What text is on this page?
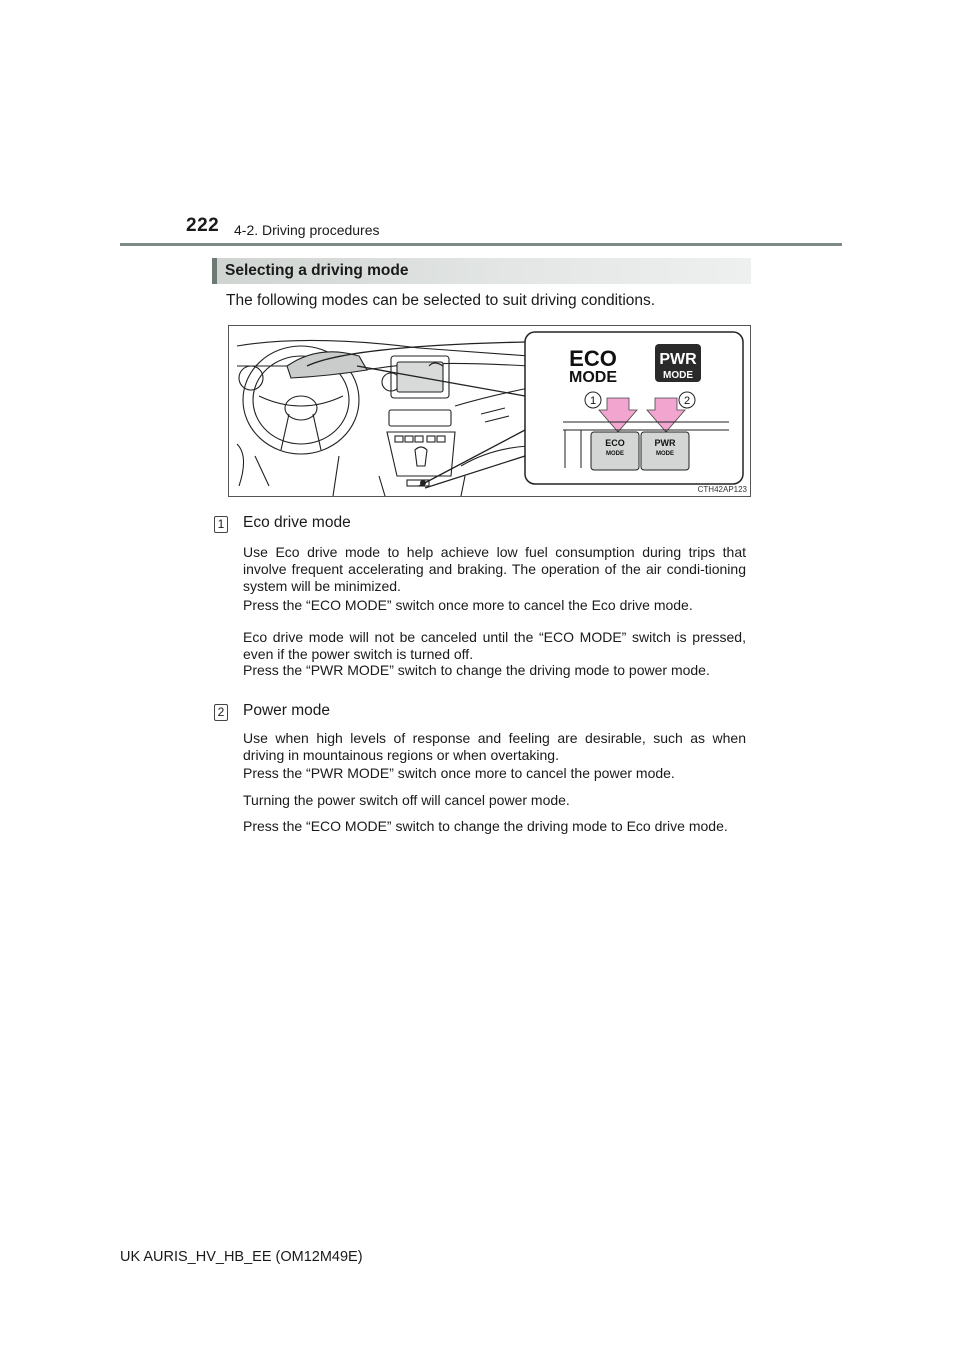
222 4-2. Driving procedures
Selecting a driving mode
The following modes can be selected to suit driving conditions.
ECO
MODE
PWR
MODE
1	2
ECO
MODE
PWR
MODE
CTH42AP123
1 Eco drive mode
Use Eco drive mode to help achieve low fuel consumption during trips that involve frequent accelerating and braking. The operation of the air condi-tioning system will be minimized.
Press the “ECO MODE” switch once more to cancel the Eco drive mode.
Eco drive mode will not be canceled until the “ECO MODE” switch is pressed, even if the power switch is turned off.
Press the “PWR MODE” switch to change the driving mode to power mode.
2 Power mode
Use when high levels of response and feeling are desirable, such as when driving in mountainous regions or when overtaking.
Press the “PWR MODE” switch once more to cancel the power mode.
Turning the power switch off will cancel power mode.
Press the “ECO MODE” switch to change the driving mode to Eco drive mode.
UK AURIS_HV_HB_EE (OM12M49E)
